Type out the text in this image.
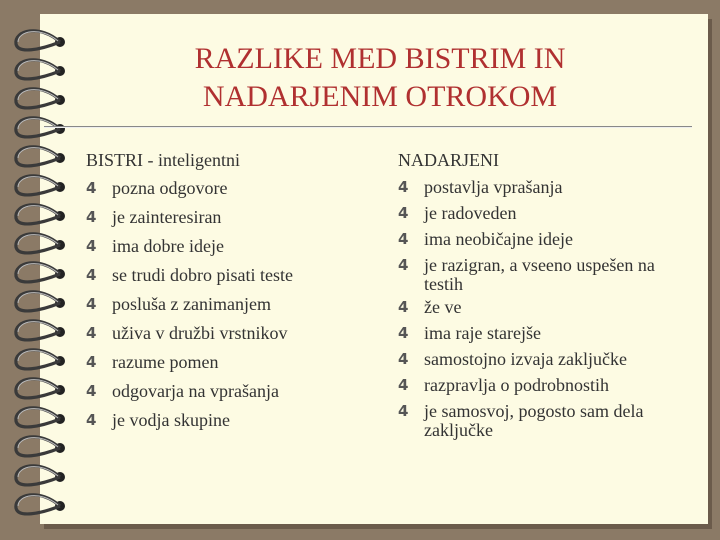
RAZLIKE MED BISTRIM IN
NADARJENIM OTROKOM
BISTRI - inteligentni
4 pozna odgovore
4 je zainteresiran
4 ima dobre ideje
4 se trudi dobro pisati teste
4 posluša z zanimanjem
4 uživa v družbi vrstnikov
4 razume pomen
4 odgovarja na vprašanja
4 je vodja skupine
NADARJENI
4 postavlja vprašanja
4 je radoveden
4 ima neobičajne ideje
4 je razigran, a vseeno uspešen na testih
4 že ve
4 ima raje starejše
4 samostojno izvaja zaključke
4 razpravlja o podrobnostih
4 je samosvoj, pogosto sam dela zaključke
